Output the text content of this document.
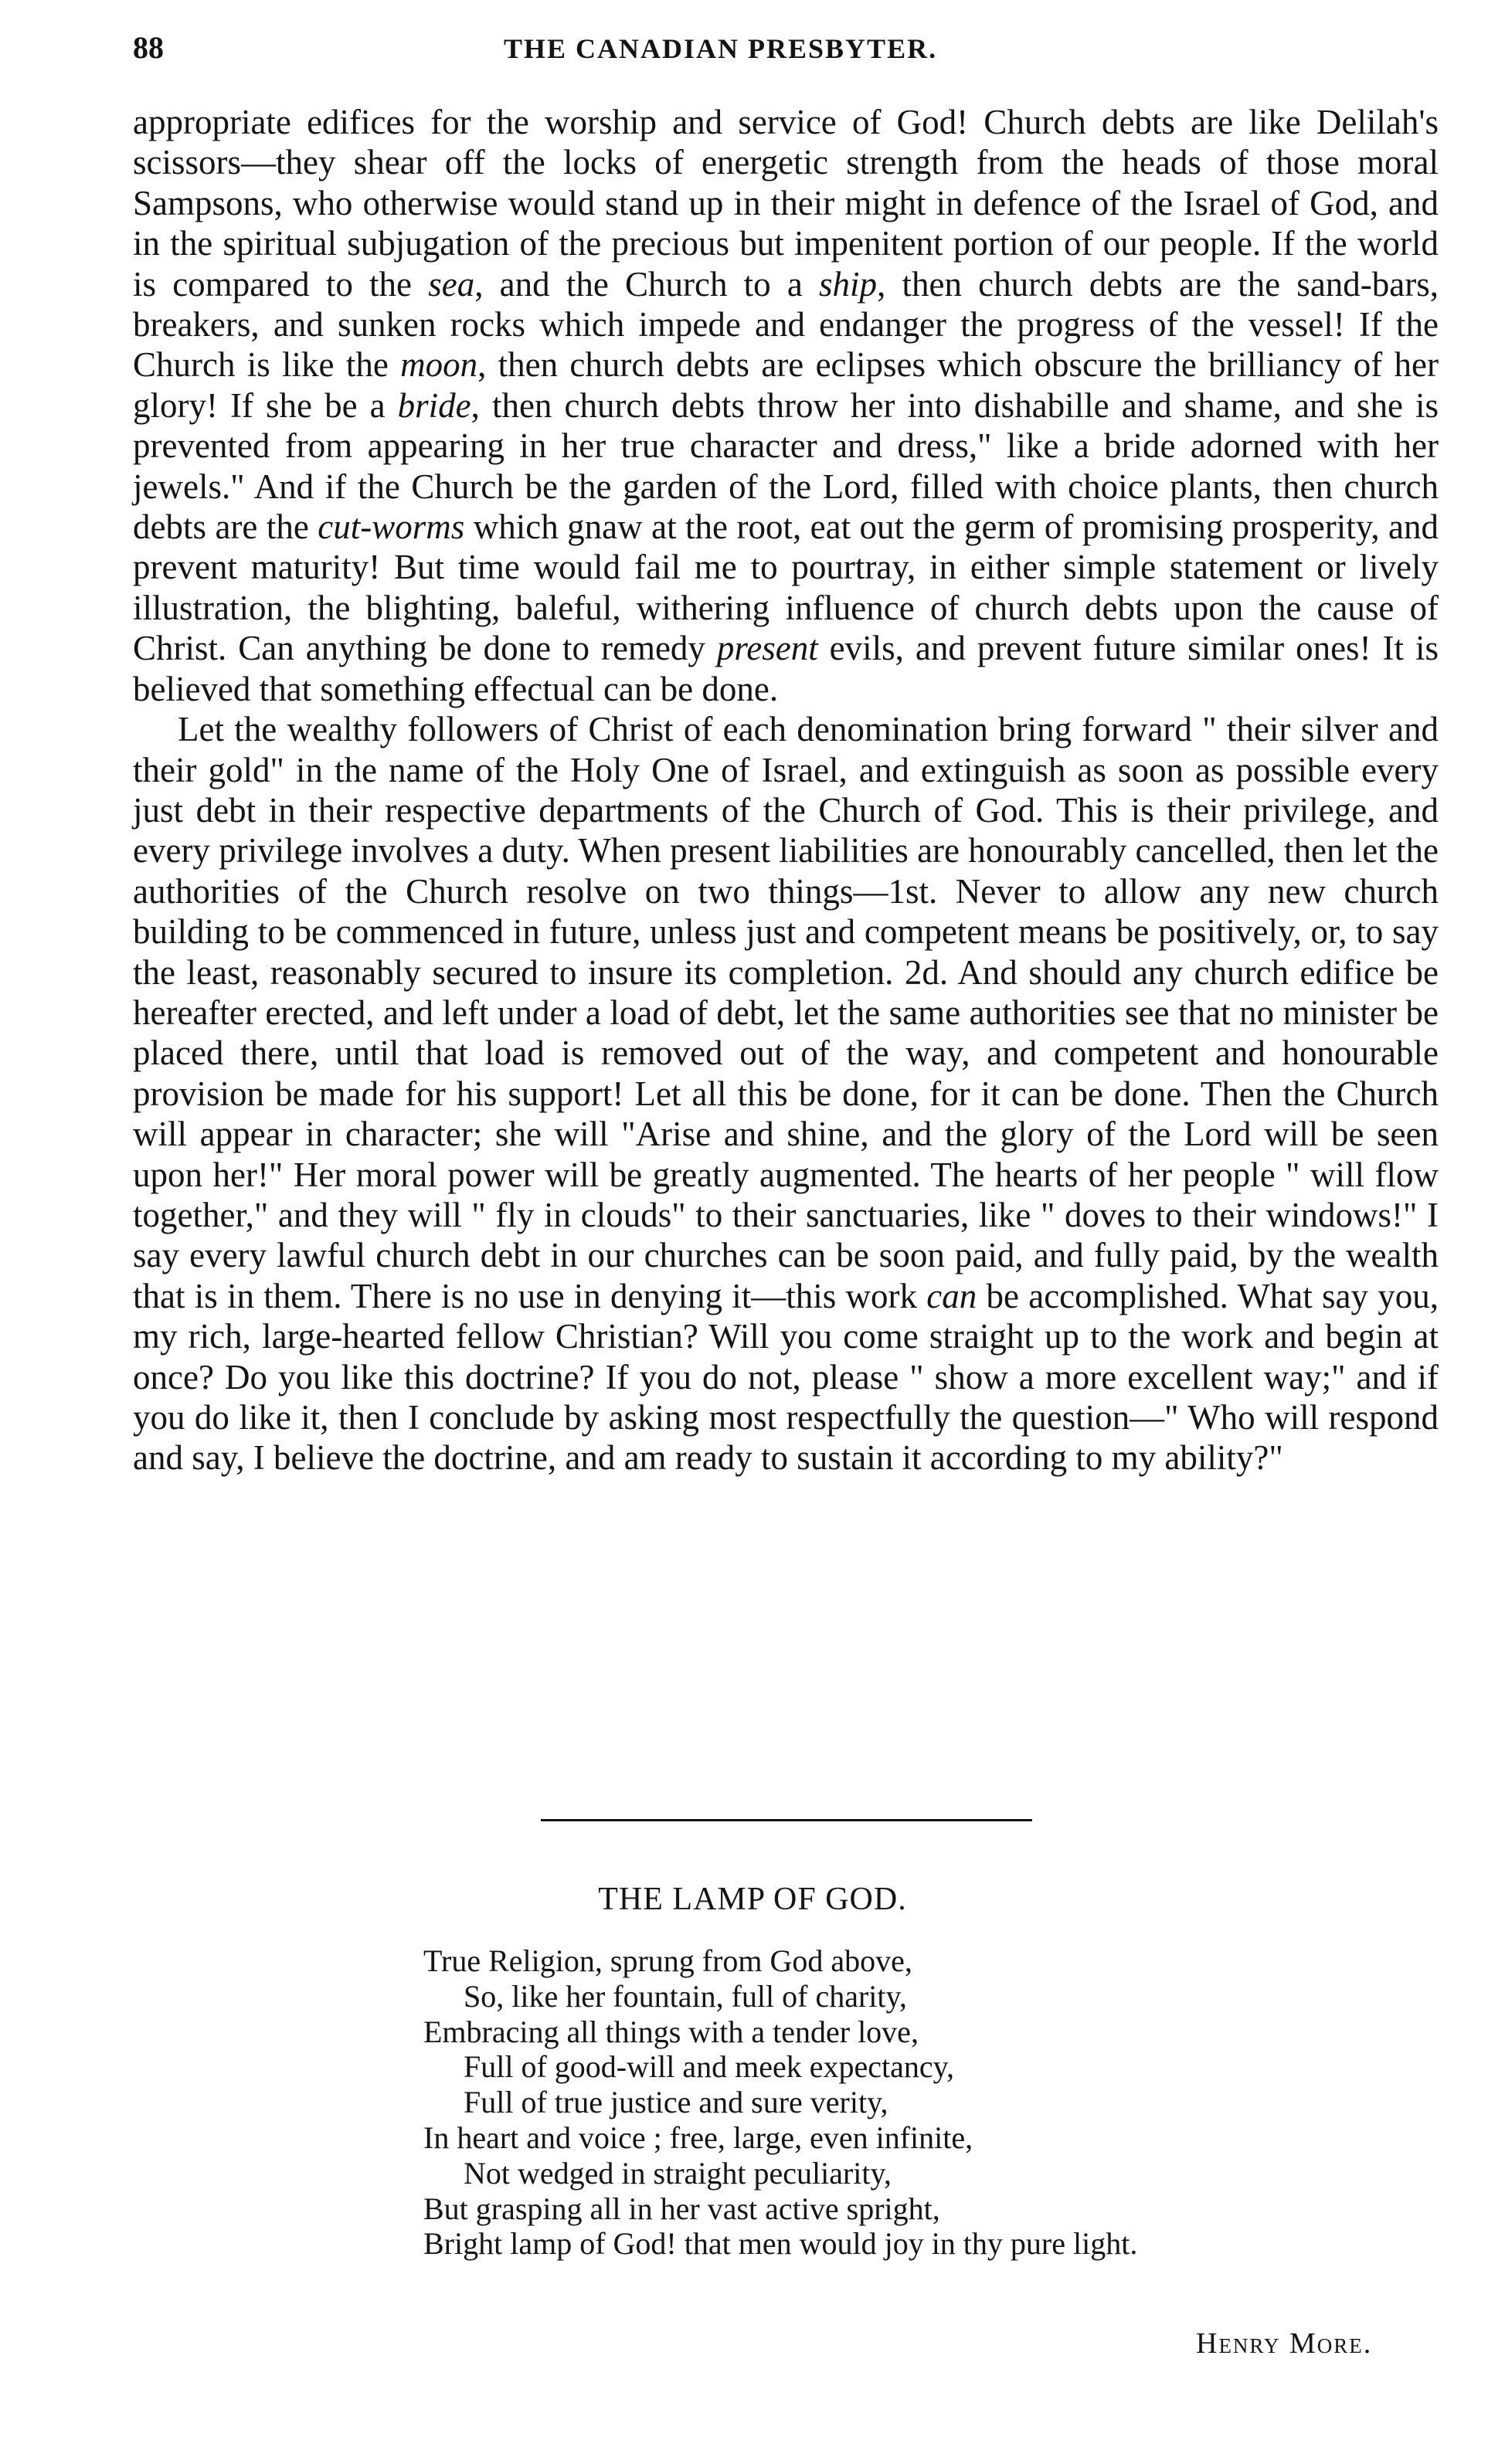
88	THE CANADIAN PRESBYTER.

appropriate edifices for the worship and service of God! Church debts are like Delilah's scissors—they shear off the locks of energetic strength from the heads of those moral Sampsons, who otherwise would stand up in their might in defence of the Israel of God, and in the spiritual subjugation of the precious but impenitent portion of our people. If the world is compared to the sea, and the Church to a ship, then church debts are the sand-bars, breakers, and sunken rocks which impede and endanger the progress of the vessel! If the Church is like the moon, then church debts are eclipses which obscure the brilliancy of her glory! If she be a bride, then church debts throw her into dishabille and shame, and she is prevented from appearing in her true character and dress," like a bride adorned with her jewels." And if the Church be the garden of the Lord, filled with choice plants, then church debts are the cut-worms which gnaw at the root, eat out the germ of promising prosperity, and prevent maturity! But time would fail me to pourtray, in either simple statement or lively illustration, the blighting, baleful, withering influence of church debts upon the cause of Christ. Can anything be done to remedy present evils, and prevent future similar ones! It is believed that something effectual can be done.

Let the wealthy followers of Christ of each denomination bring forward " their silver and their gold" in the name of the Holy One of Israel, and extinguish as soon as possible every just debt in their respective departments of the Church of God. This is their privilege, and every privilege involves a duty. When present liabilities are honourably cancelled, then let the authorities of the Church resolve on two things—1st. Never to allow any new church building to be commenced in future, unless just and competent means be positively, or, to say the least, reasonably secured to insure its completion. 2d. And should any church edifice be hereafter erected, and left under a load of debt, let the same authorities see that no minister be placed there, until that load is removed out of the way, and competent and honourable provision be made for his support! Let all this be done, for it can be done. Then the Church will appear in character; she will "Arise and shine, and the glory of the Lord will be seen upon her!" Her moral power will be greatly augmented. The hearts of her people " will flow together," and they will " fly in clouds" to their sanctuaries, like " doves to their windows!" I say every lawful church debt in our churches can be soon paid, and fully paid, by the wealth that is in them. There is no use in denying it—this work can be accomplished. What say you, my rich, large-hearted fellow Christian? Will you come straight up to the work and begin at once? Do you like this doctrine? If you do not, please " show a more excellent way;" and if you do like it, then I conclude by asking most respectfully the question—" Who will respond and say, I believe the doctrine, and am ready to sustain it according to my ability?"

THE LAMP OF GOD.
True Religion, sprung from God above,
So, like her fountain, full of charity,
Embracing all things with a tender love,
Full of good-will and meek expectancy,
Full of true justice and sure verity,
In heart and voice ; free, large, even infinite,
Not wedged in straight peculiarity,
But grasping all in her vast active spright,
Bright lamp of God! that men would joy in thy pure light.
Henry More.
